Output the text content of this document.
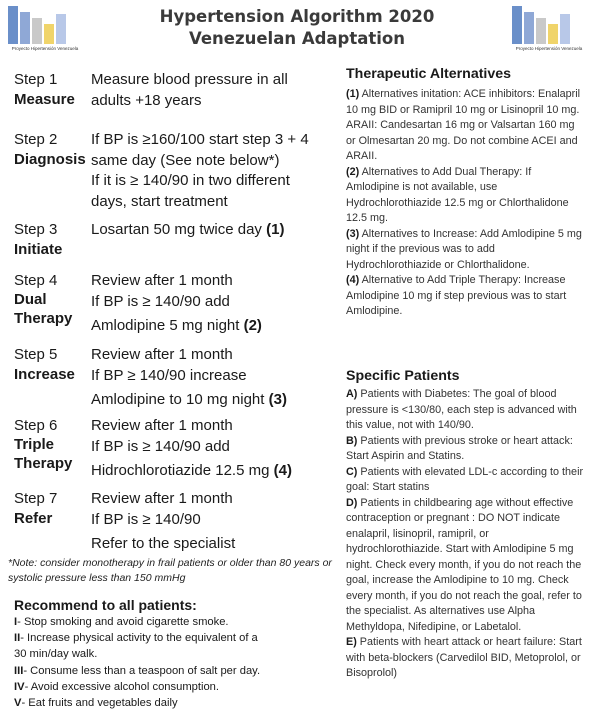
Proyecto Hipertensión Venezuela	Proyecto Hipertensión Venezuela
Hypertension Algorithm 2020
Venezuelan Adaptation
Step 1
Measure
Measure blood pressure in all
adults +18 years
Step 2
Diagnosis
If BP is ≥160/100 start step 3 + 4
same day (See note below*)
If it is ≥ 140/90 in two different
days, start treatment
Step 3
Initiate
Losartan 50 mg twice day (1)
Step 4
Dual
Therapy
Review after 1 month
If BP is ≥ 140/90 add
Amlodipine 5 mg night (2)
Step 5
Increase
Review after 1 month
If BP ≥ 140/90 increase
Amlodipine to 10 mg night (3)
Step 6
Triple
Therapy
Review after 1 month
If BP is ≥ 140/90 add
Hidrochlorotiazide 12.5 mg (4)
Step 7
Refer
Review after 1 month
If BP is ≥ 140/90
Refer to the specialist
*Note: consider monotherapy in frail patients or older than 80 years or systolic pressure less than 150 mmHg
Recommend to all patients:
I- Stop smoking and avoid cigarette smoke.
II- Increase physical activity to the equivalent of a
30 min/day walk.
III- Consume less than a teaspoon of salt per day.
IV- Avoid excessive alcohol consumption.
V- Eat fruits and vegetables daily
Therapeutic Alternatives

(1) Alternatives initation: ACE inhibitors: Enalapril 10 mg BID or Ramipril 10 mg or Lisinopril 10 mg. ARAII: Candesartan 16 mg or Valsartan 160 mg or Olmesartan 20 mg. Do not combine ACEI and ARAII.

(2) Alternatives to Add Dual Therapy: If Amlodipine is not available, use Hydrochlorothiazide 12.5 mg or Chlorthalidone 12.5 mg.

(3) Alternatives to Increase: Add Amlodipine 5 mg night if the previous was to add Hydrochlorothiazide or Chlorthalidone.

(4) Alternative to Add Triple Therapy: Increase Amlodipine 10 mg if step previous was to start Amlodipine.

Specific Patients

A) Patients with Diabetes: The goal of blood pressure is <130/80, each step is advanced with this value, not with 140/90.

B) Patients with previous stroke or heart attack: Start Aspirin and Statins.

C) Patients with elevated LDL-c according to their goal: Start statins

D) Patients in childbearing age without effective contraception or pregnant : DO NOT indicate enalapril, lisinopril, ramipril, or hydrochlorothiazide. Start with Amlodipine 5 mg night. Check every month, if you do not reach the goal, increase the Amlodipine to 10 mg. Check every month, if you do not reach the goal, refer to the specialist. As alternatives use Alpha Methyldopa, Nifedipine, or Labetalol.

E) Patients with heart attack or heart failure: Start with beta-blockers (Carvedilol BID, Metoprolol, or Bisoprolol)
